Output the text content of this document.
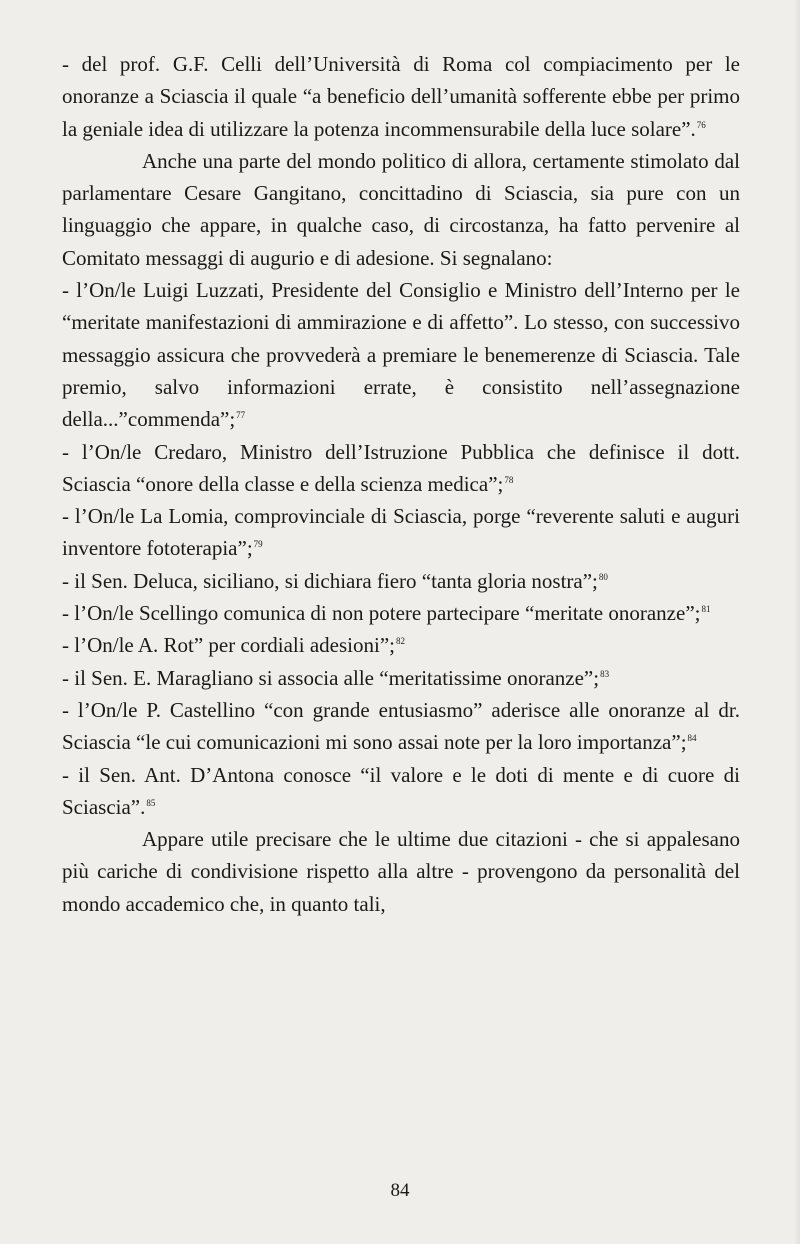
- del prof. G.F. Celli dell’Università di Roma col compiacimento per le onoranze a Sciascia il quale “a beneficio dell’umanità sofferente ebbe per primo la geniale idea di utilizzare la potenza incommensurabile della luce solare”.$^{76}$

Anche una parte del mondo politico di allora, certamente stimolato dal parlamentare Cesare Gangitano, concittadino di Sciascia, sia pure con un linguaggio che appare, in qualche caso, di circostanza, ha fatto pervenire al Comitato messaggi di augurio e di adesione. Si segnalano:

- l’On/le Luigi Luzzati, Presidente del Consiglio e Ministro dell’Interno per le “meritate manifestazioni di ammirazione e di affetto”. Lo stesso, con successivo messaggio assicura che provvederà a premiare le benemerenze di Sciascia. Tale premio, salvo informazioni errate, è consistito nell’assegnazione della...”commenda”;$^{77}$

- l’On/le Credaro, Ministro dell’Istruzione Pubblica che definisce il dott. Sciascia “onore della classe e della scienza medica”;$^{78}$

- l’On/le La Lomia, comprovinciale di Sciascia, porge “reverente saluti e auguri inventore fototerapia”;$^{79}$

- il Sen. Deluca, siciliano, si dichiara fiero “tanta gloria nostra”;$^{80}$

- l’On/le Scellingo comunica di non potere partecipare “meritate onoranze”;$^{81}$

- l’On/le A. Rot” per cordiali adesioni”;$^{82}$

- il Sen. E. Maragliano si associa alle “meritatissime onoranze”;$^{83}$

- l’On/le P. Castellino “con grande entusiasmo” aderisce alle onoranze al dr. Sciascia “le cui comunicazioni mi sono assai note per la loro importanza”;$^{84}$

- il Sen. Ant. D’Antona conosce “il valore e le doti di mente e di cuore di Sciascia”.$^{85}$

Appare utile precisare che le ultime due citazioni - che si appalesano più cariche di condivisione rispetto alla altre - provengono da personalità del mondo accademico che, in quanto tali,

84
